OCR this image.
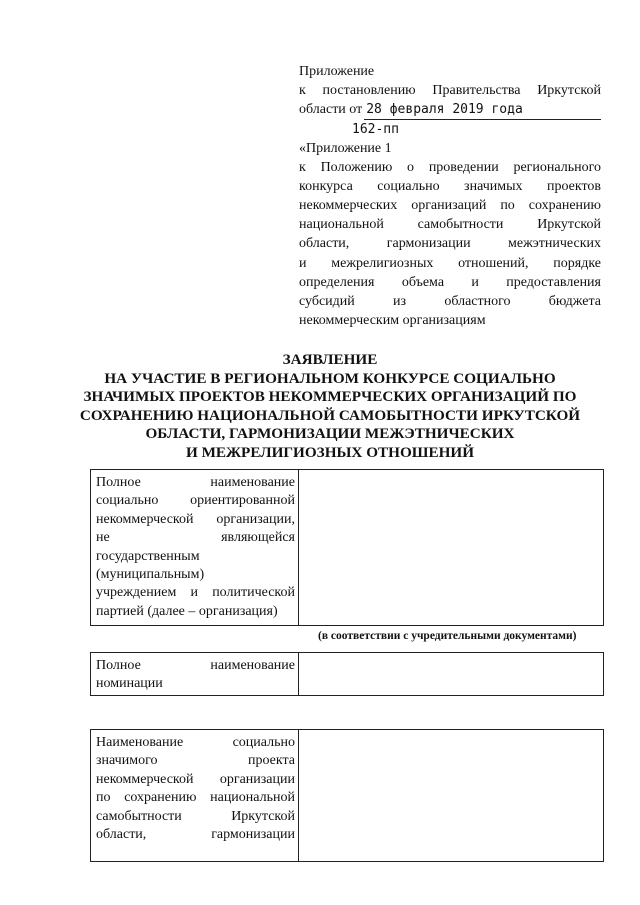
Приложение
к постановлению Правительства Иркутской
области от 28 февраля 2019 года
162-пп
«Приложение 1
к Положению о проведении регионального
конкурса социально значимых проектов
некоммерческих организаций по сохранению
национальной самобытности Иркутской
области, гармонизации межэтнических
и межрелигиозных отношений, порядке
определения объема и предоставления
субсидий из областного бюджета
некоммерческим организациям
ЗАЯВЛЕНИЕ
НА УЧАСТИЕ В РЕГИОНАЛЬНОМ КОНКУРСЕ СОЦИАЛЬНО
ЗНАЧИМЫХ ПРОЕКТОВ НЕКОММЕРЧЕСКИХ ОРГАНИЗАЦИЙ ПО
СОХРАНЕНИЮ НАЦИОНАЛЬНОЙ САМОБЫТНОСТИ ИРКУТСКОЙ
ОБЛАСТИ, ГАРМОНИЗАЦИИ МЕЖЭТНИЧЕСКИХ
И МЕЖРЕЛИГИОЗНЫХ ОТНОШЕНИЙ
Полное наименование
социально ориентированной
некоммерческой организации,
не являющейся
государственным
(муниципальным)
учреждением и политической
партией (далее – организация)
(в соответствии с учредительными документами)
Полное наименование
номинации
Наименование социально
значимого проекта
некоммерческой организации
по сохранению национальной
самобытности Иркутской
области, гармонизации
